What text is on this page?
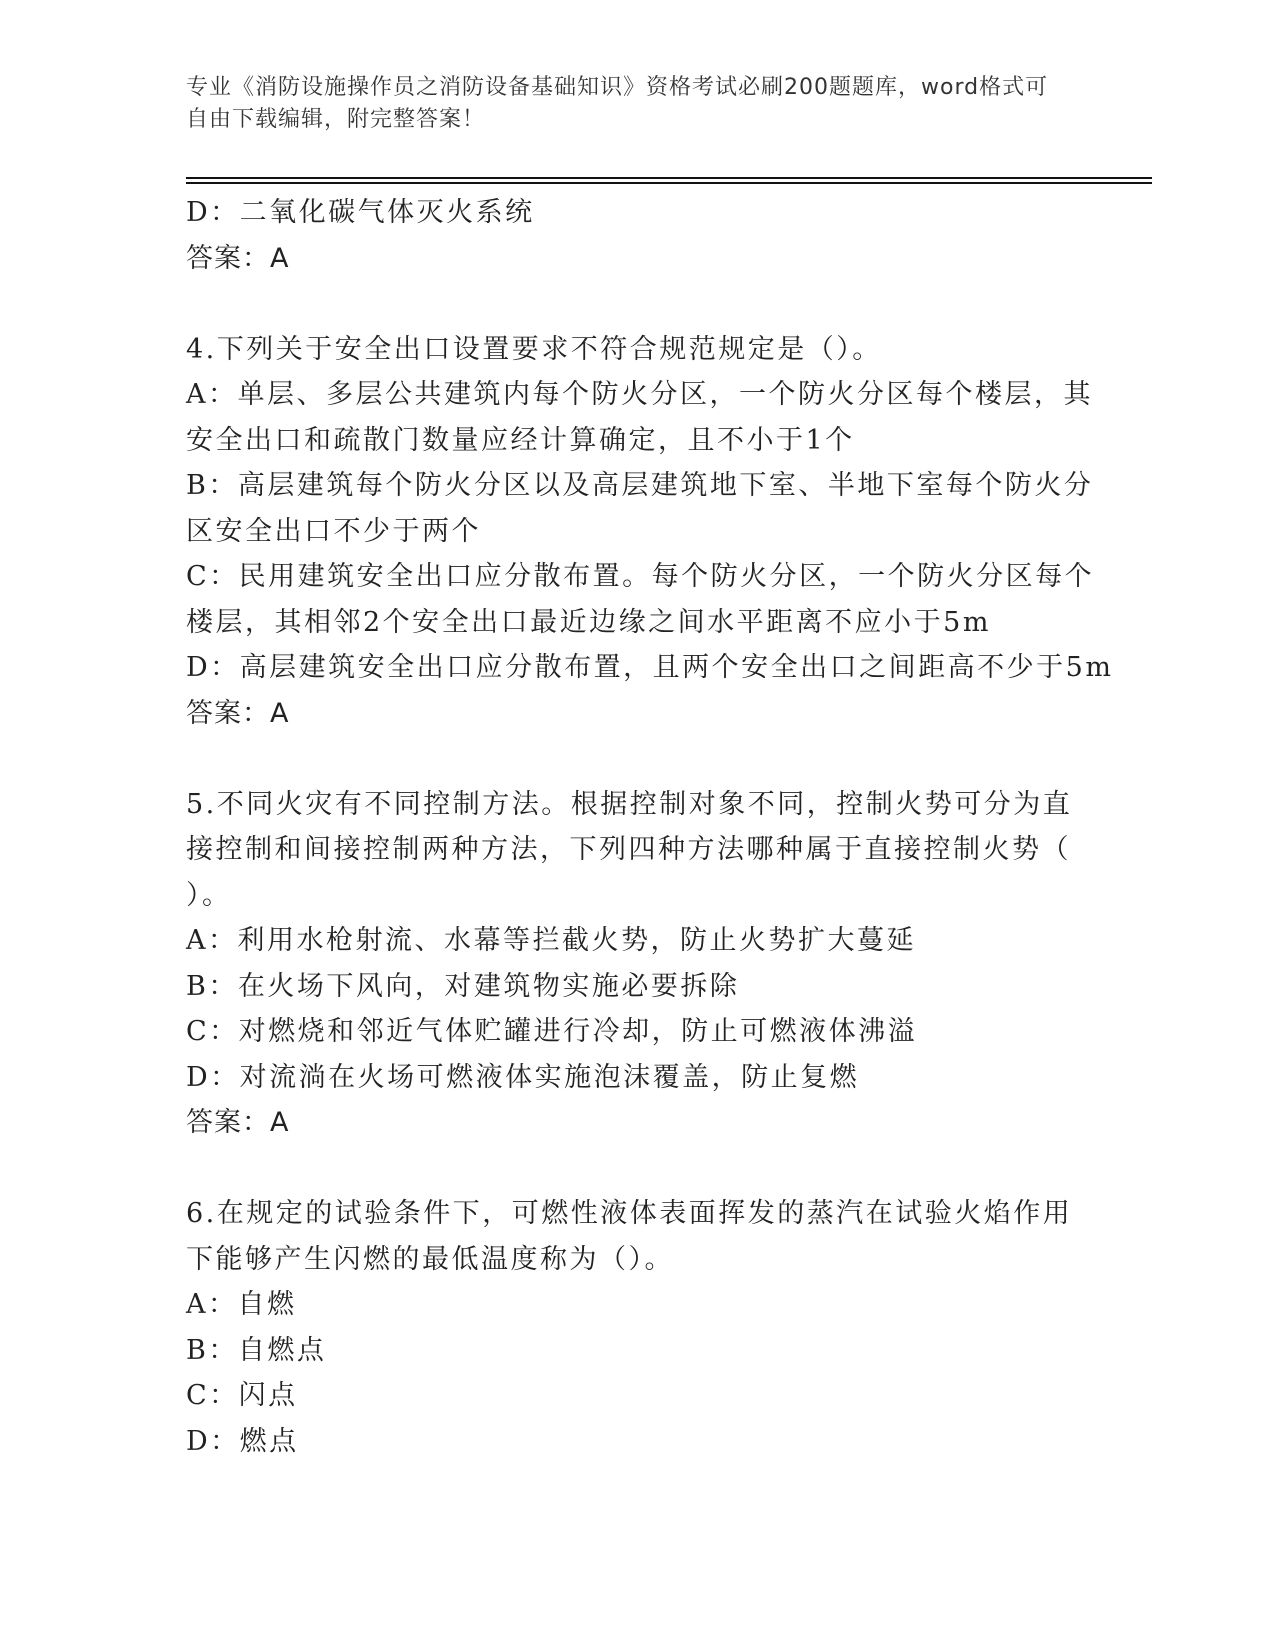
专业《消防设施操作员之消防设备基础知识》资格考试必刷200题题库，word格式可自由下载编辑，附完整答案！
D：二氧化碳气体灭火系统
答案：A
4.下列关于安全出口设置要求不符合规范规定是（）。
A：单层、多层公共建筑内每个防火分区，一个防火分区每个楼层，其
安全出口和疏散门数量应经计算确定，且不小于1个
B：高层建筑每个防火分区以及高层建筑地下室、半地下室每个防火分
区安全出口不少于两个
C：民用建筑安全出口应分散布置。每个防火分区，一个防火分区每个
楼层，其相邻2个安全出口最近边缘之间水平距离不应小于5m
D：高层建筑安全出口应分散布置，且两个安全出口之间距高不少于5m
答案：A
5.不同火灾有不同控制方法。根据控制对象不同，控制火势可分为直
接控制和间接控制两种方法，下列四种方法哪种属于直接控制火势（
）。
A：利用水枪射流、水幕等拦截火势，防止火势扩大蔓延
B：在火场下风向，对建筑物实施必要拆除
C：对燃烧和邻近气体贮罐进行冷却，防止可燃液体沸溢
D：对流淌在火场可燃液体实施泡沫覆盖，防止复燃
答案：A
6.在规定的试验条件下，可燃性液体表面挥发的蒸汽在试验火焰作用
下能够产生闪燃的最低温度称为（）。
A：自燃
B：自燃点
C：闪点
D：燃点
